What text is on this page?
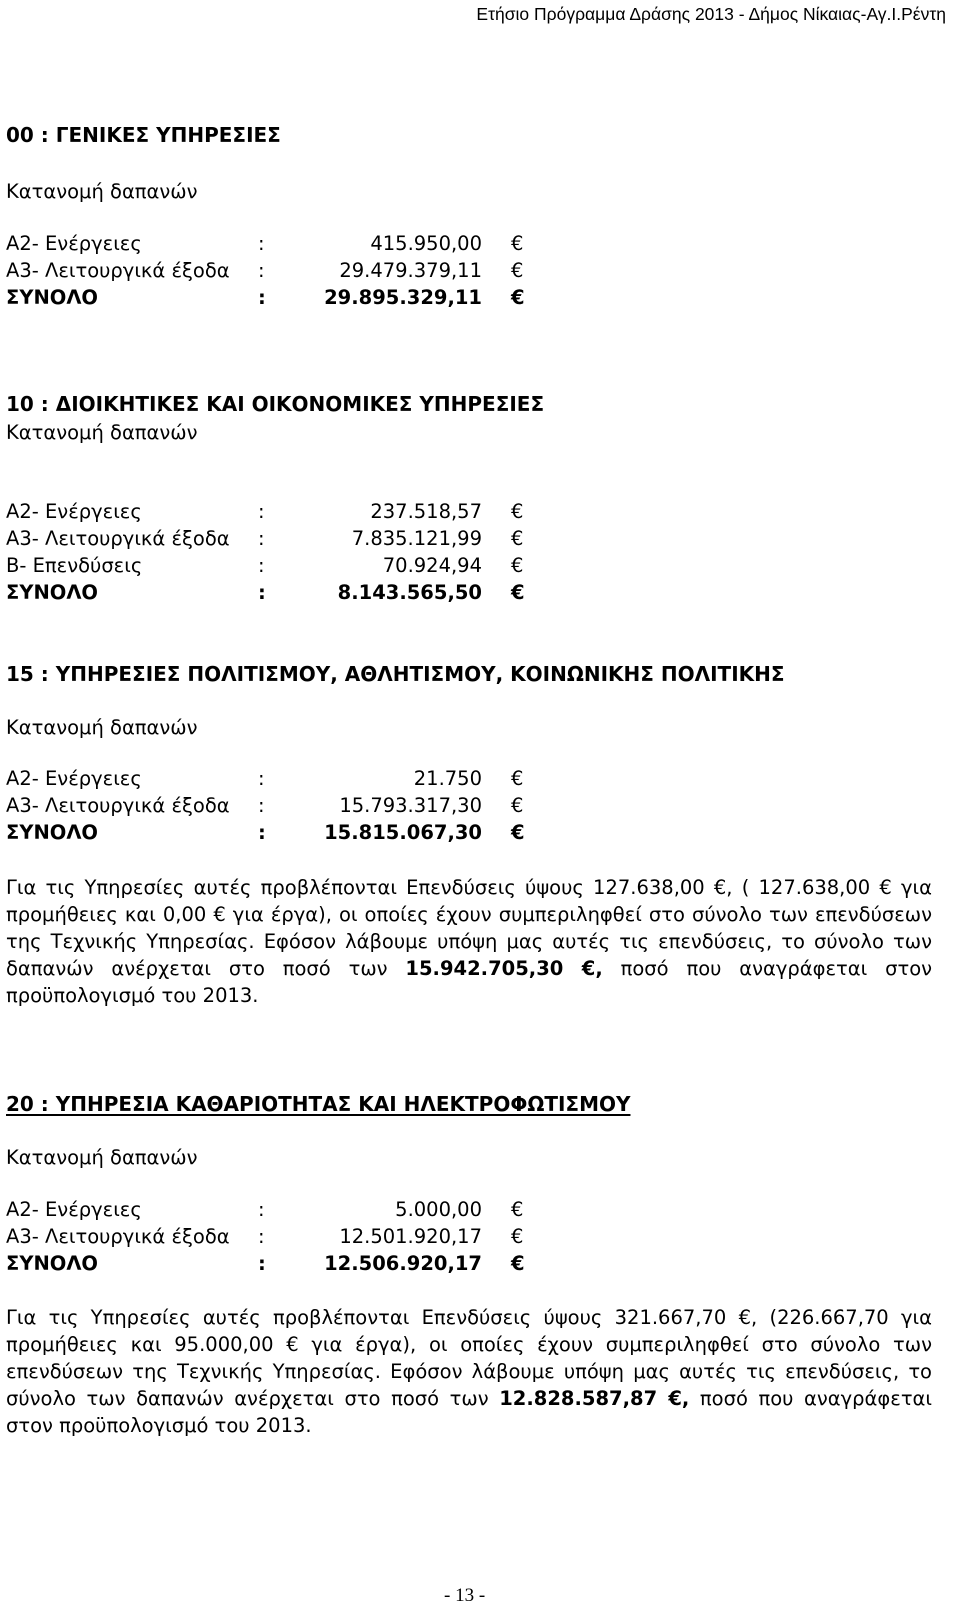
Ετήσιο Πρόγραμμα Δράσης 2013 - Δήμος Νίκαιας-Αγ.Ι.Ρέντη
00 : ΓΕΝΙΚΕΣ ΥΠΗΡΕΣΙΕΣ
Κατανομή δαπανών
Α2- Ενέργειες	:	415.950,00 €
Α3- Λειτουργικά έξοδα :	29.479.379,11 €
ΣΥΝΟΛΟ	:	29.895.329,11 €
10 : ΔΙΟΙΚΗΤΙΚΕΣ ΚΑΙ ΟΙΚΟΝΟΜΙΚΕΣ ΥΠΗΡΕΣΙΕΣ
Κατανομή δαπανών
Α2- Ενέργειες	:	237.518,57 €
Α3- Λειτουργικά έξοδα :	7.835.121,99 €
Β- Επενδύσεις	:	70.924,94 €
ΣΥΝΟΛΟ	:	8.143.565,50 €
15 : ΥΠΗΡΕΣΙΕΣ ΠΟΛΙΤΙΣΜΟΥ, ΑΘΛΗΤΙΣΜΟΥ, ΚΟΙΝΩΝΙΚΗΣ ΠΟΛΙΤΙΚΗΣ
Κατανομή δαπανών
Α2- Ενέργειες	:	21.750 €
Α3- Λειτουργικά έξοδα :	15.793.317,30 €
ΣΥΝΟΛΟ	:	15.815.067,30 €

Για τις Υπηρεσίες αυτές προβλέπονται Επενδύσεις ύψους 127.638,00 €, ( 127.638,00 € για προμήθειες και 0,00 € για έργα), οι οποίες έχουν συμπεριληφθεί στο σύνολο των επενδύσεων της Τεχνικής Υπηρεσίας. Εφόσον λάβουμε υπόψη μας αυτές τις επενδύσεις, το σύνολο των δαπανών ανέρχεται στο ποσό των 15.942.705,30 €, ποσό που αναγράφεται στον προϋπολογισμό του 2013.

20 : ΥΠΗΡΕΣΙΑ ΚΑΘΑΡΙΟΤΗΤΑΣ ΚΑΙ ΗΛΕΚΤΡΟΦΩΤΙΣΜΟΥ
Κατανομή δαπανών
Α2- Ενέργειες	:	5.000,00 €
Α3- Λειτουργικά έξοδα :	12.501.920,17 €
ΣΥΝΟΛΟ	:	12.506.920,17 €

Για τις Υπηρεσίες αυτές προβλέπονται Επενδύσεις ύψους 321.667,70 €, (226.667,70 για προμήθειες και 95.000,00 € για έργα), οι οποίες έχουν συμπεριληφθεί στο σύνολο των επενδύσεων της Τεχνικής Υπηρεσίας. Εφόσον λάβουμε υπόψη μας αυτές τις επενδύσεις, το σύνολο των δαπανών ανέρχεται στο ποσό των 12.828.587,87 €, ποσό που αναγράφεται στον προϋπολογισμό του 2013.

- 13 -
